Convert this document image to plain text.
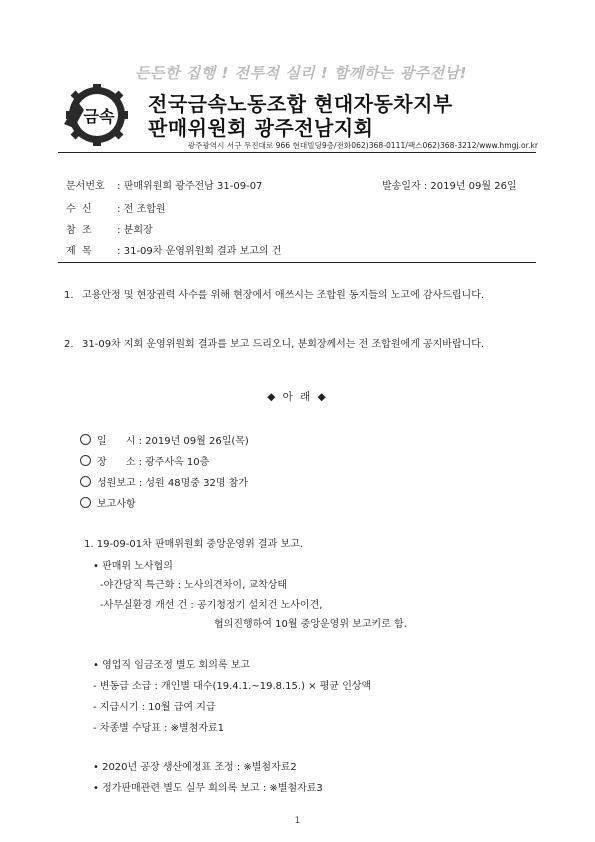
든든한 집행 ! 전투적 실리 ! 함께하는 광주전남!
금속
전국금속노동조합 현대자동차지부
판매위원회 광주전남지회
광주광역시 서구 무진대로 966 현대빌딩9층/전화062)368-0111/팩스062)368-3212/www.hmgj.or.kr
문서번호 : 판매위원회 광주전남 31-09-07	발송일자 : 2019년 09월 26일
수  신 : 전 조합원
참  조 : 분회장
제  목 : 31-09차 운영위원회 결과 보고의 건
1. 고용안정 및 현장권력 사수를 위해 현장에서 애쓰시는 조합원 동지들의 노고에 감사드립니다.
2. 31-09차 지회 운영위원회 결과를 보고 드리오니, 분회장께서는 전 조합원에게 공지바랍니다.
◆ 아 래 ◆
일      시 : 2019년 09월 26일(목)
장      소 : 광주사옥 10층
성원보고 : 성원 48명중 32명 참가
보고사항
1. 19-09-01차 판매위원회 중앙운영위 결과 보고.
• 판매위 노사협의
-야간당직 특근화 : 노사의견차이, 교착상태
-사무실환경 개선 건 : 공기청정기 설치건 노사이견,
협의진행하여 10월 중앙운영위 보고키로 함.
• 영업직 임금조정 별도 회의록 보고
- 변동급 소급 : 개인별 대수(19.4.1.~19.8.15.) × 평균 인상액
- 지급시기 : 10월 급여 지급
- 차종별 수당표 : ※별첨자료1
• 2020년 공장 생산예정표 조정 : ※별첨자료2
• 정가판매관련 별도 실무 회의록 보고 : ※별첨자료3
1
